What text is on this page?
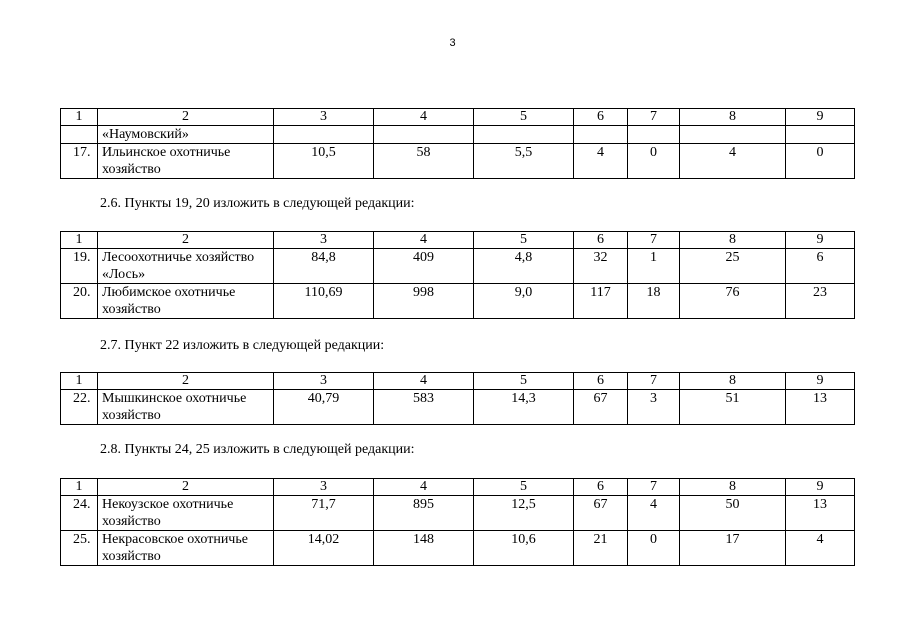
3
1	2	3	4	5	6	7	8	9
	«Наумовский»							
17.	Ильинское охотничье хозяйство	10,5	58	5,5	4	0	4	0
2.6. Пункты 19, 20 изложить в следующей редакции:
1	2	3	4	5	6	7	8	9
19.	Лесоохотничье хозяйство «Лось»	84,8	409	4,8	32	1	25	6
20.	Любимское охотничье хозяйство	110,69	998	9,0	117	18	76	23
2.7. Пункт 22 изложить в следующей редакции:
1	2	3	4	5	6	7	8	9
22.	Мышкинское охотничье хозяйство	40,79	583	14,3	67	3	51	13
2.8. Пункты 24, 25 изложить в следующей редакции:
1	2	3	4	5	6	7	8	9
24.	Некоузское охотничье хозяйство	71,7	895	12,5	67	4	50	13
25.	Некрасовское охотничье хозяйство	14,02	148	10,6	21	0	17	4
